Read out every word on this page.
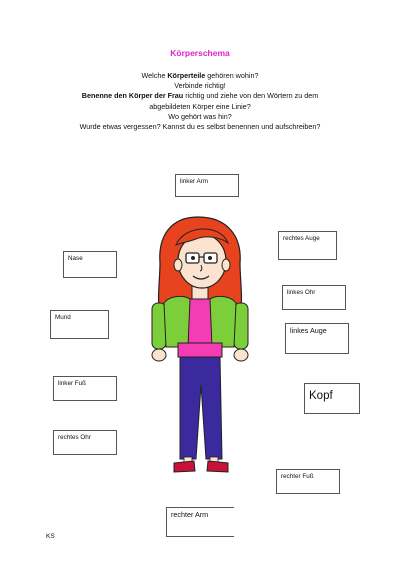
Körperschema
Welche Körperteile gehören wohin?
Verbinde richtig!
Benenne den Körper der Frau richtig und ziehe von den Wörtern zu dem
abgebildeten Körper eine Linie?
Wo gehört was hin?
Wurde etwas vergessen? Kannst du es selbst benennen und aufschreiben?
linker Arm
rechtes Auge
Nase
linkes Ohr
Mund
linkes Auge
linker Fuß
Kopf
rechtes Ohr
rechter Fuß
rechter Arm
KS
